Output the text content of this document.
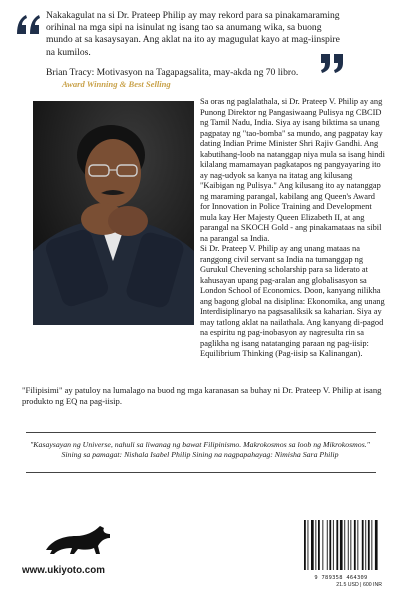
Nakakagulat na si Dr. Prateep Philip ay may rekord para sa pinakamaraming orihinal na mga sipi na isinulat ng isang tao sa anumang wika, sa buong mundo at sa kasaysayan. Ang aklat na ito ay magugulat kayo at mag-iinspire na kumilos.
Brian Tracy: Motivasyon na Tagapagsalita, may-akda ng 70 libro.
Award Winning & Best Selling

Sa oras ng paglalathala, si Dr. Prateep V. Philip ay ang Punong Direktor ng Pangasiwaang Pulisya ng CBCID ng Tamil Nadu, India. Siya ay isang biktima sa unang pagpatay ng "tao-bomba" sa mundo, ang pagpatay kay dating Indian Prime Minister Shri Rajiv Gandhi. Ang kabutihang-loob na natanggap niya mula sa isang hindi kilalang mamamayan pagkatapos ng pangyayaring ito ay nag-udyok sa kanya na itatag ang kilusang "Kaibigan ng Pulisya." Ang kilusang ito ay natanggap ng maraming parangal, kabilang ang Queen's Award for Innovation in Police Training and Development mula kay Her Majesty Queen Elizabeth II, at ang parangal na SKOCH Gold - ang pinakamataas na sibil na parangal sa India.

Si Dr. Prateep V. Philip ay ang unang mataas na ranggong civil servant sa India na tumanggap ng Gurukul Chevening scholarship para sa liderato at kahusayan upang pag-aralan ang globalisasyon sa London School of Economics. Doon, kanyang nilikha ang bagong global na disiplina: Ekonomika, ang unang Interdisiplinaryo na pagsasaliksik sa kaharian. Siya ay may tatlong aklat na nailathala. Ang kanyang di-pagod na espiritu ng pag-inobasyon ay nagresulta rin sa paglikha ng isang natatanging paraan ng pag-iisip: Equilibrium Thinking (Pag-iisip sa Kalinangan).

"Filipisimi" ay patuloy na lumalago na buod ng mga karanasan sa buhay ni Dr. Prateep V. Philip at isang produkto ng EQ na pag-iisip.
"Kasaysayan ng Universe, nahuli sa liwanag ng bawat Filipinismo. Makrokosmos sa loob ng Mikrokosmos." Sining sa pamagat: Nishala Isabel Philip Sining na nagpapahayag: Nimisha Sara Philip
www.ukiyoto.com
9 789358 464309
21.5 USD | 600 INR
